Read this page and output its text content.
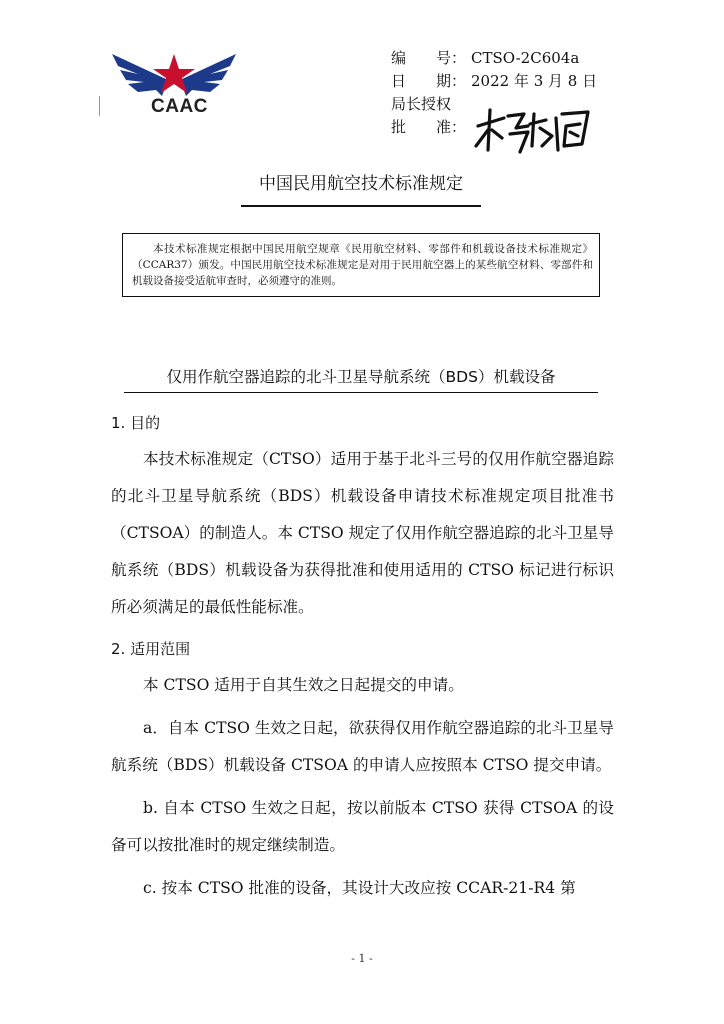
CAAC
编　　号： CTSO-2C604a
日　　期： 2022 年 3 月 8 日
局长授权
批　　准：
中国民用航空技术标准规定
本技术标准规定根据中国民用航空规章《民用航空材料、零部件和机载设备技术标准规定》（CCAR37）颁发。中国民用航空技术标准规定是对用于民用航空器上的某些航空材料、零部件和机载设备接受适航审查时，必须遵守的准则。
仅用作航空器追踪的北斗卫星导航系统（BDS）机载设备
1. 目的

本技术标准规定（CTSO）适用于基于北斗三号的仅用作航空器追踪的北斗卫星导航系统（BDS）机载设备申请技术标准规定项目批准书（CTSOA）的制造人。本 CTSO 规定了仅用作航空器追踪的北斗卫星导航系统（BDS）机载设备为获得批准和使用适用的 CTSO 标记进行标识所必须满足的最低性能标准。

2. 适用范围

本 CTSO 适用于自其生效之日起提交的申请。

a．自本 CTSO 生效之日起，欲获得仅用作航空器追踪的北斗卫星导航系统（BDS）机载设备 CTSOA 的申请人应按照本 CTSO 提交申请。

b. 自本 CTSO 生效之日起，按以前版本 CTSO 获得 CTSOA 的设备可以按批准时的规定继续制造。

c. 按本 CTSO 批准的设备，其设计大改应按 CCAR-21-R4 第

- 1 -
